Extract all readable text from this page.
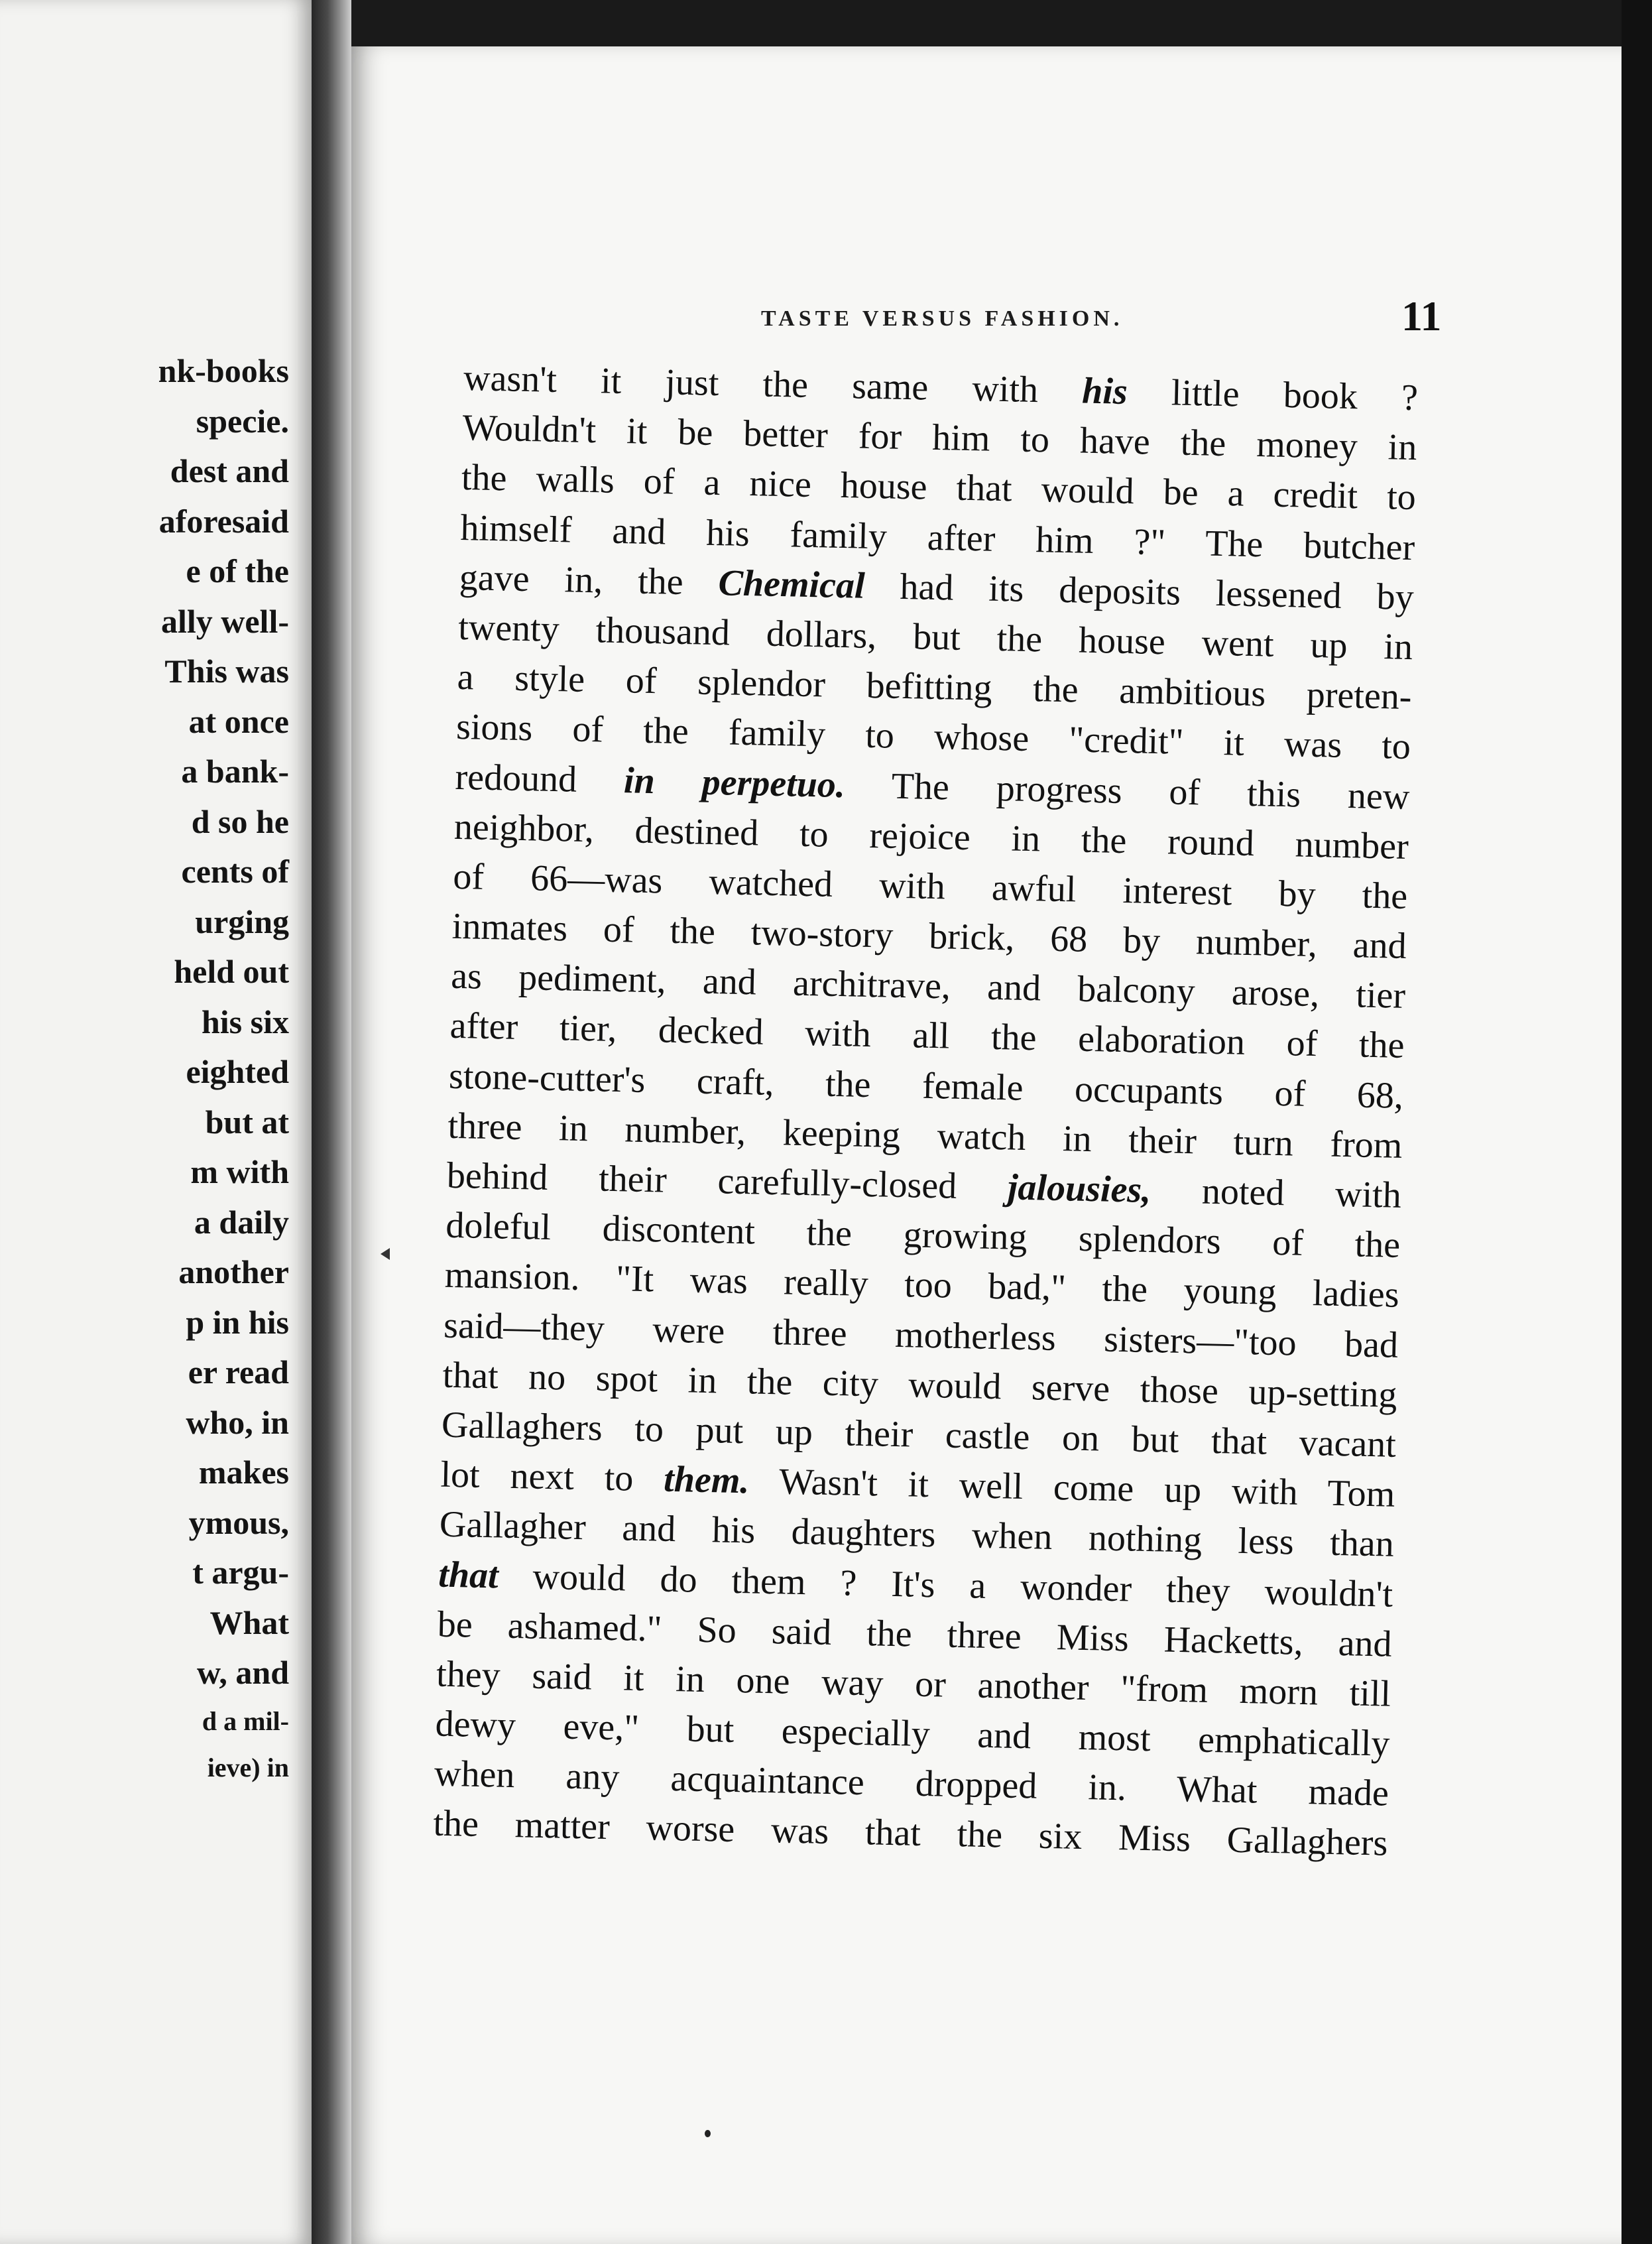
nk-books
specie.
dest and
aforesaid
e of the
ally well-
This was
at once
a bank-
d so he
cents of
urging
held out
his six
eighted
but at
m with
a daily
another
p in his
er read
who, in
makes
ymous,
t argu-
What
w, and
d a mil-
ieve) in
TASTE VERSUS FASHION.	11
wasn't it just the same with his little book ?
Wouldn't it be better for him to have the money in
the walls of a nice house that would be a credit to
himself and his family after him ?" The butcher
gave in, the Chemical had its deposits lessened by
twenty thousand dollars, but the house went up in
a style of splendor befitting the ambitious preten-
sions of the family to whose "credit" it was to
redound in perpetuo. The progress of this new
neighbor, destined to rejoice in the round number
of 66—was watched with awful interest by the
inmates of the two-story brick, 68 by number, and
as pediment, and architrave, and balcony arose, tier
after tier, decked with all the elaboration of the
stone-cutter's craft, the female occupants of 68,
three in number, keeping watch in their turn from
behind their carefully-closed jalousies, noted with
doleful discontent the growing splendors of the
mansion. "It was really too bad," the young ladies
said—they were three motherless sisters—"too bad
that no spot in the city would serve those up-setting
Gallaghers to put up their castle on but that vacant
lot next to them. Wasn't it well come up with Tom
Gallagher and his daughters when nothing less than
that would do them ? It's a wonder they wouldn't
be ashamed." So said the three Miss Hacketts, and
they said it in one way or another "from morn till
dewy eve," but especially and most emphatically
when any acquaintance dropped in. What made
the matter worse was that the six Miss Gallaghers
